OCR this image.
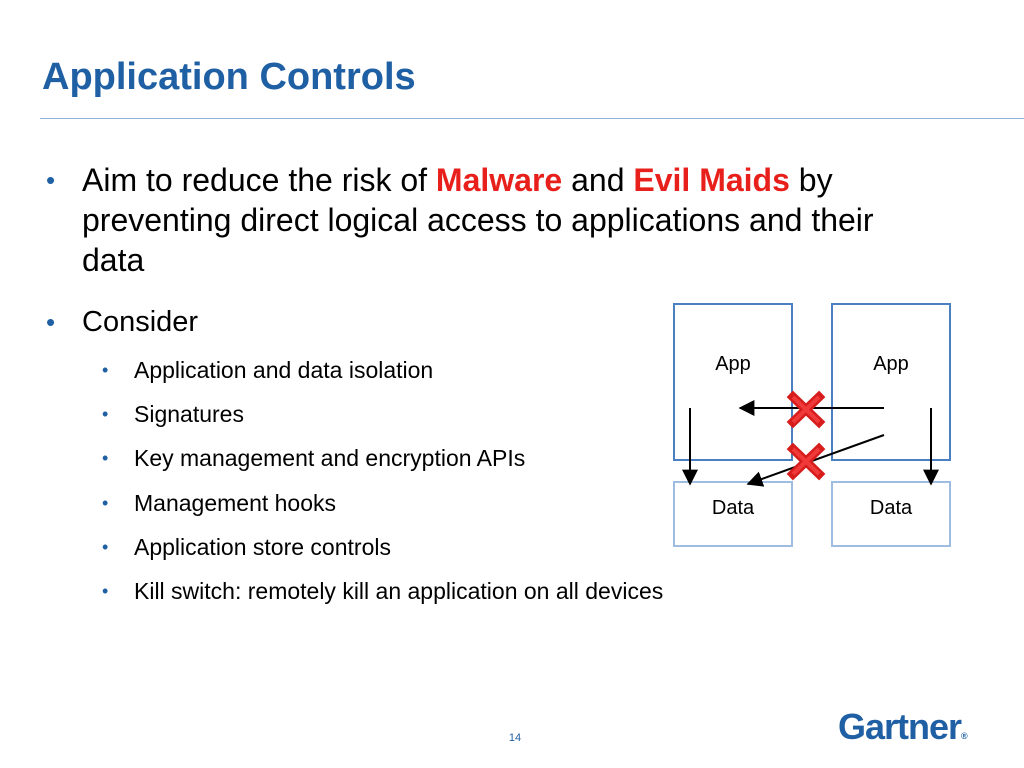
Application Controls
• Aim to reduce the risk of Malware and Evil Maids by preventing direct logical access to applications and their data
• Consider
• Application and data isolation
• Signatures
• Key management and encryption APIs
• Management hooks
• Application store controls
• Kill switch: remotely kill an application on all devices
App	App
Data	Data
14	Gartner®
